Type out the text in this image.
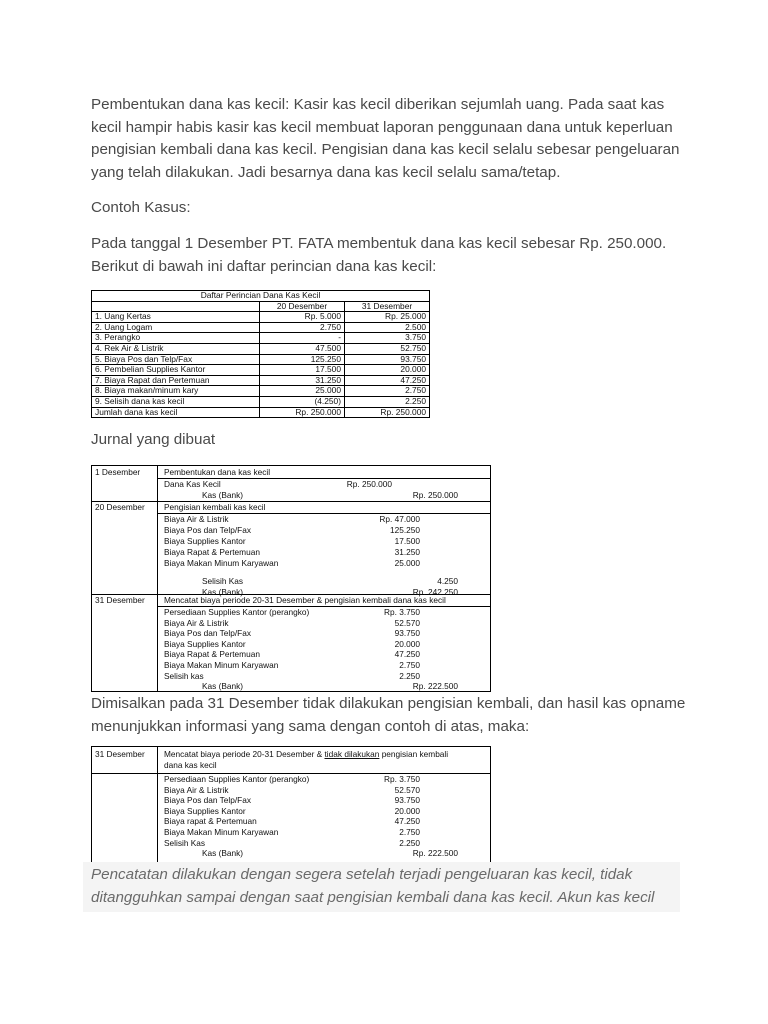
Pembentukan dana kas kecil: Kasir kas kecil diberikan sejumlah uang. Pada saat kas kecil hampir habis kasir kas kecil membuat laporan penggunaan dana untuk keperluan pengisian kembali dana kas kecil. Pengisian dana kas kecil selalu sebesar pengeluaran yang telah dilakukan. Jadi besarnya dana kas kecil selalu sama/tetap.

Contoh Kasus:

Pada tanggal 1 Desember PT. FATA membentuk dana kas kecil sebesar Rp. 250.000. Berikut di bawah ini daftar perincian dana kas kecil:

Daftar Perincian Dana Kas Kecil		
	20 Desember	31 Desember
1. Uang Kertas	Rp. 5.000	Rp. 25.000
2. Uang Logam	2.750	2.500
3. Perangko	-	3.750
4. Rek Air & Listrik	47.500	52.750
5. Biaya Pos dan Telp/Fax	125.250	93.750
6. Pembelian Supplies Kantor	17.500	20.000
7. Biaya Rapat dan Pertemuan	31.250	47.250
8. Biaya makan/minum kary	25.000	2.750
9. Selisih dana kas kecil	(4.250)	2.250
Jumlah dana kas kecil	Rp. 250.000	Rp. 250.000

Jurnal yang dibuat

1 Desember	Pembentukan dana kas kecil
Dana Kas Kecil	Rp. 250.000
Kas (Bank)	Rp. 250.000
20 Desember Pengisian kembali kas kecil
Biaya Air & Listrik	Rp. 47.000
Biaya Pos dan Telp/Fax	125.250
Biaya Supplies Kantor	17.500
Biaya Rapat & Pertemuan	31.250
Biaya Makan Minum Karyawan	25.000
Selisih Kas	4.250
Kas (Bank)	Rp. 242.250
31 Desember Mencatat biaya periode 20-31 Desember & pengisian kembali dana kas kecil
Persediaan Supplies Kantor (perangko)	Rp. 3.750
Biaya Air & Listrik	52.570
Biaya Pos dan Telp/Fax	93.750
Biaya Supplies Kantor	20.000
Biaya Rapat & Pertemuan	47.250
Biaya Makan Minum Karyawan	2.750
Selisih kas	2.250
Kas (Bank)	Rp. 222.500

Dimisalkan pada 31 Desember tidak dilakukan pengisian kembali, dan hasil kas opname menunjukkan informasi yang sama dengan contoh di atas, maka:

31 Desember Mencatat biaya periode 20-31 Desember & tidak dilakukan pengisian kembali
dana kas kecil
Persediaan Supplies Kantor (perangko)	Rp. 3.750
Biaya Air & Listrik	52.570
Biaya Pos dan Telp/Fax	93.750
Biaya Supplies Kantor	20.000
Biaya rapat & Pertemuan	47.250
Biaya Makan Minum Karyawan	2.750
Selisih Kas	2.250
Kas (Bank)	Rp. 222.500

Pencatatan dilakukan dengan segera setelah terjadi pengeluaran kas kecil, tidak ditangguhkan sampai dengan saat pengisian kembali dana kas kecil. Akun kas kecil
